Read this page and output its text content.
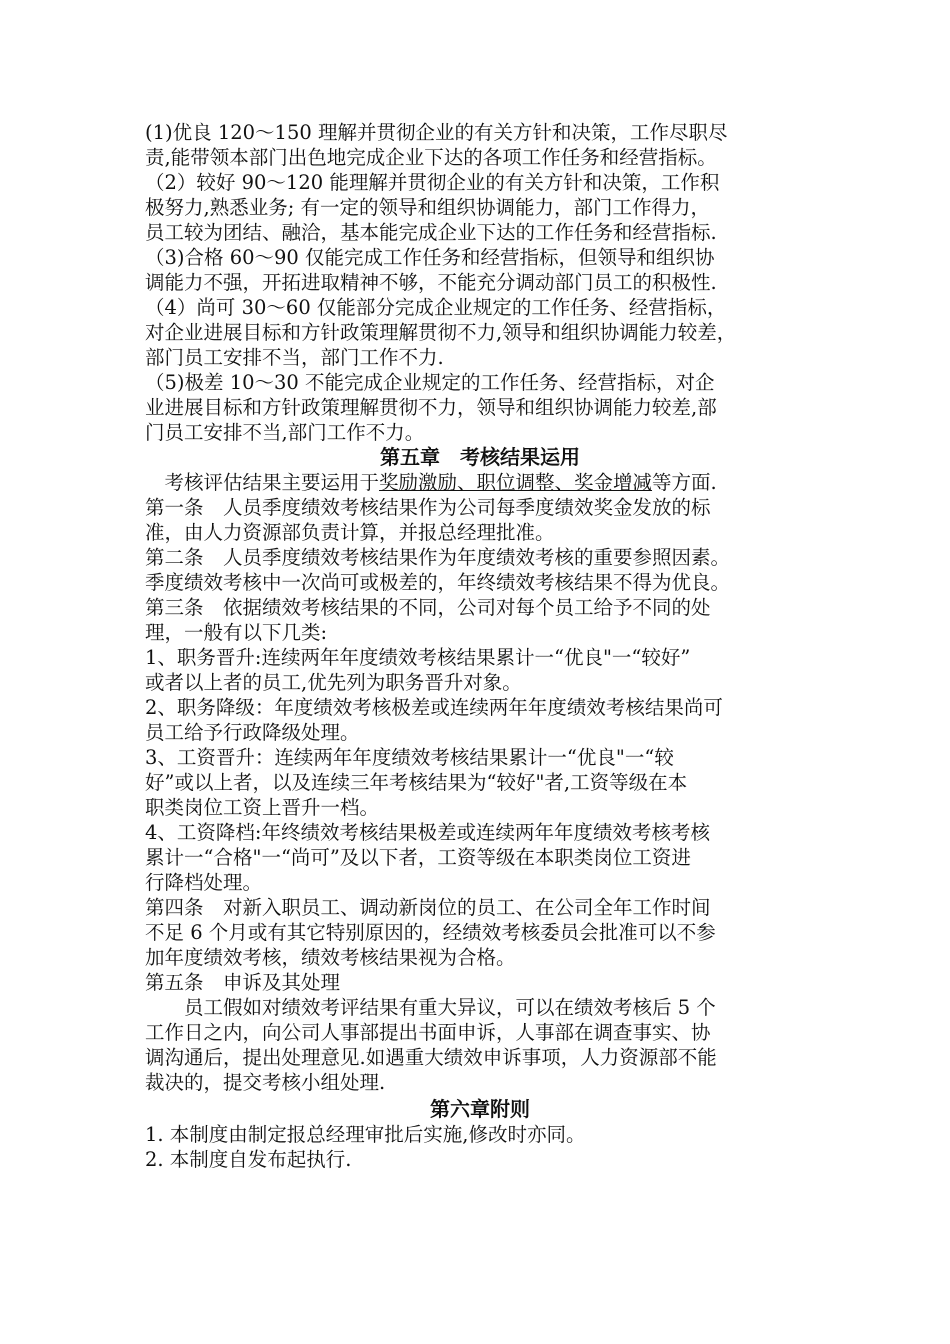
(1)优良 120～150 理解并贯彻企业的有关方针和决策，工作尽职尽
责,能带领本部门出色地完成企业下达的各项工作任务和经营指标。
（2）较好 90～120 能理解并贯彻企业的有关方针和决策，工作积
极努力,熟悉业务; 有一定的领导和组织协调能力，部门工作得力，
员工较为团结、融洽，基本能完成企业下达的工作任务和经营指标.
（3)合格 60～90 仅能完成工作任务和经营指标，但领导和组织协
调能力不强，开拓进取精神不够，不能充分调动部门员工的积极性.
（4）尚可 30～60 仅能部分完成企业规定的工作任务、经营指标，
对企业进展目标和方针政策理解贯彻不力,领导和组织协调能力较差，
部门员工安排不当，部门工作不力.
（5)极差 10～30 不能完成企业规定的工作任务、经营指标，对企
业进展目标和方针政策理解贯彻不力，领导和组织协调能力较差,部
门员工安排不当,部门工作不力。
第五章　考核结果运用
　考核评估结果主要运用于奖励激励、职位调整、奖金增减等方面.
第一条　人员季度绩效考核结果作为公司每季度绩效奖金发放的标
准，由人力资源部负责计算，并报总经理批准。
第二条　人员季度绩效考核结果作为年度绩效考核的重要参照因素。
季度绩效考核中一次尚可或极差的，年终绩效考核结果不得为优良。
第三条　依据绩效考核结果的不同，公司对每个员工给予不同的处
理，一般有以下几类:
1、职务晋升:连续两年年度绩效考核结果累计一“优良"一“较好”
或者以上者的员工,优先列为职务晋升对象。
2、职务降级：年度绩效考核极差或连续两年年度绩效考核结果尚可
员工给予行政降级处理。
3、工资晋升：连续两年年度绩效考核结果累计一“优良"一“较
好”或以上者，以及连续三年考核结果为“较好"者,工资等级在本
职类岗位工资上晋升一档。
4、工资降档:年终绩效考核结果极差或连续两年年度绩效考核考核
累计一“合格"一“尚可”及以下者，工资等级在本职类岗位工资进
行降档处理。
第四条　对新入职员工、调动新岗位的员工、在公司全年工作时间
不足 6 个月或有其它特别原因的，经绩效考核委员会批准可以不参
加年度绩效考核，绩效考核结果视为合格。
第五条　申诉及其处理
　　员工假如对绩效考评结果有重大异议，可以在绩效考核后 5 个
工作日之内，向公司人事部提出书面申诉，人事部在调查事实、协
调沟通后，提出处理意见.如遇重大绩效申诉事项，人力资源部不能
裁决的，提交考核小组处理.
第六章附则
1. 本制度由制定报总经理审批后实施,修改时亦同。
2. 本制度自发布起执行.
